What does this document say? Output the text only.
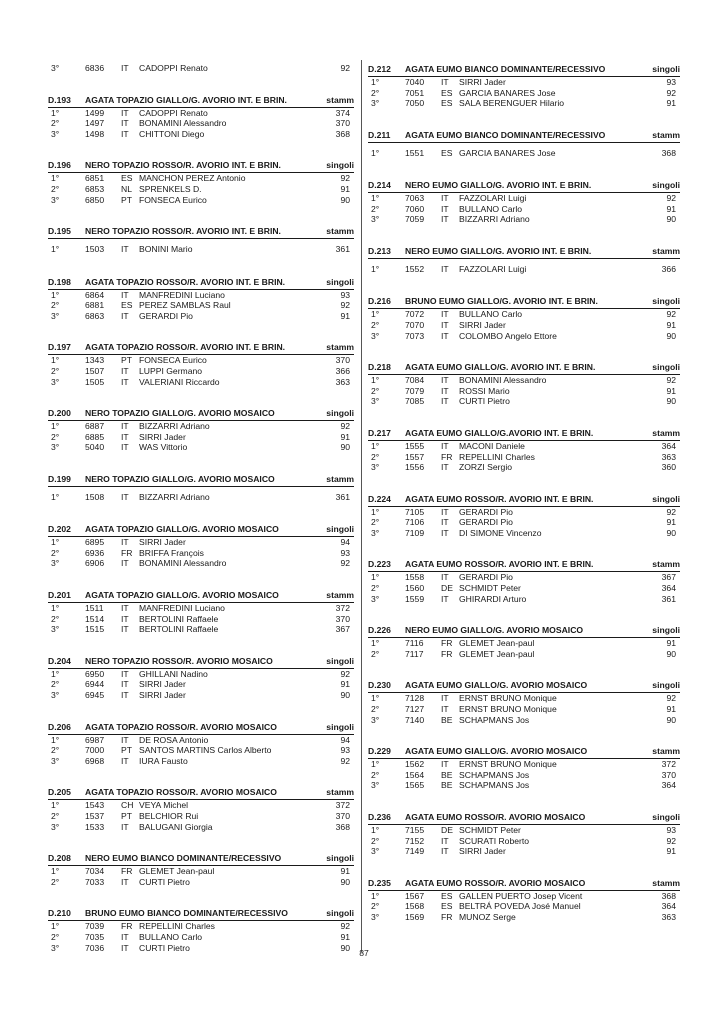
3°	6836	IT	CADOPPI Renato	92
D.193	AGATA TOPAZIO GIALLO/G. AVORIO INT. E BRIN.	stamm
1°	1499	IT	CADOPPI Renato	374
2°	1497	IT	BONAMINI Alessandro	370
3°	1498	IT	CHITTONI Diego	368
D.196	NERO TOPAZIO ROSSO/R. AVORIO INT. E BRIN.	singoli
1°	6851	ES MANCHON PEREZ Antonio	92
2°	6853	NL SPRENKELS D.	91
3°	6850	PT FONSECA Eurico	90
D.195	NERO TOPAZIO ROSSO/R. AVORIO INT. E BRIN.	stamm
1°	1503	IT	BONINI Mario	361
D.198	AGATA TOPAZIO ROSSO/R. AVORIO INT. E BRIN.	singoli
1°	6864	IT	MANFREDINI Luciano	93
2°	6881	ES PEREZ SAMBLAS Raul	92
3°	6863	IT	GERARDI Pio	91
D.197	AGATA TOPAZIO ROSSO/R. AVORIO INT. E BRIN.	stamm
1°	1343	PT FONSECA Eurico	370
2°	1507	IT	LUPPI Germano	366
3°	1505	IT	VALERIANI Riccardo	363
D.200	NERO TOPAZIO GIALLO/G. AVORIO MOSAICO	singoli
1°	6887	IT	BIZZARRI Adriano	92
2°	6885	IT	SIRRI Jader	91
3°	5040	IT	WAS Vittorio	90
D.199	NERO TOPAZIO GIALLO/G. AVORIO MOSAICO	stamm
1°	1508	IT	BIZZARRI Adriano	361
D.202	AGATA TOPAZIO GIALLO/G. AVORIO MOSAICO	singoli
1°	6895	IT	SIRRI Jader	94
2°	6936	FR BRIFFA François	93
3°	6906	IT	BONAMINI Alessandro	92
D.201	AGATA TOPAZIO GIALLO/G. AVORIO MOSAICO	stamm
1°	1511	IT	MANFREDINI Luciano	372
2°	1514	IT	BERTOLINI Raffaele	370
3°	1515	IT	BERTOLINI Raffaele	367
D.204	NERO TOPAZIO ROSSO/R. AVORIO MOSAICO	singoli
1°	6950	IT	GHILLANI Nadino	92
2°	6944	IT	SIRRI Jader	91
3°	6945	IT	SIRRI Jader	90
D.206	AGATA TOPAZIO ROSSO/R. AVORIO MOSAICO	singoli
1°	6987	IT	DE ROSA Antonio	94
2°	7000	PT SANTOS MARTINS Carlos Alberto	93
3°	6968	IT	IURA Fausto	92
D.205	AGATA TOPAZIO ROSSO/R. AVORIO MOSAICO	stamm
1°	1543	CH VEYA Michel	372
2°	1537	PT BELCHIOR Rui	370
3°	1533	IT	BALUGANI Giorgia	368
D.208	NERO EUMO BIANCO DOMINANTE/RECESSIVO	singoli
1°	7034	FR GLEMET Jean-paul	91
2°	7033	IT	CURTI Pietro	90
D.210	BRUNO EUMO BIANCO DOMINANTE/RECESSIVO	singoli
1°	7039	FR REPELLINI Charles	92
2°	7035	IT	BULLANO Carlo	91
3°	7036	IT	CURTI Pietro	90
D.212	AGATA EUMO BIANCO DOMINANTE/RECESSIVO	singoli
1°	7040	IT	SIRRI Jader	93
2°	7051	ES GARCIA BANARES Jose	92
3°	7050	ES SALA BERENGUER Hilario	91
D.211	AGATA EUMO BIANCO DOMINANTE/RECESSIVO	stamm
1°	1551	ES GARCIA BANARES Jose	368
D.214	NERO EUMO GIALLO/G. AVORIO INT. E BRIN.	singoli
1°	7063	IT	FAZZOLARI Luigi	92
2°	7060	IT	BULLANO Carlo	91
3°	7059	IT	BIZZARRI Adriano	90
D.213	NERO EUMO GIALLO/G. AVORIO INT. E BRIN.	stamm
1°	1552	IT	FAZZOLARI Luigi	366
D.216	BRUNO EUMO GIALLO/G. AVORIO INT. E BRIN.	singoli
1°	7072	IT	BULLANO Carlo	92
2°	7070	IT	SIRRI Jader	91
3°	7073	IT	COLOMBO Angelo Ettore	90
D.218	AGATA EUMO GIALLO/G. AVORIO INT. E BRIN.	singoli
1°	7084	IT	BONAMINI Alessandro	92
2°	7079	IT	ROSSI Mario	91
3°	7085	IT	CURTI Pietro	90
D.217	AGATA EUMO GIALLO/G.AVORIO INT. E BRIN.	stamm
1°	1555	IT	MACONI Daniele	364
2°	1557	FR REPELLINI Charles	363
3°	1556	IT	ZORZI Sergio	360
D.224	AGATA EUMO ROSSO/R. AVORIO INT. E BRIN.	singoli
1°	7105	IT	GERARDI Pio	92
2°	7106	IT	GERARDI Pio	91
3°	7109	IT	DI SIMONE Vincenzo	90
D.223	AGATA EUMO ROSSO/R. AVORIO INT. E BRIN.	stamm
1°	1558	IT	GERARDI Pio	367
2°	1560	DE SCHMIDT Peter	364
3°	1559	IT	GHIRARDI Arturo	361
D.226	NERO EUMO GIALLO/G. AVORIO MOSAICO	singoli
1°	7116	FR GLEMET Jean-paul	91
2°	7117	FR GLEMET Jean-paul	90
D.230	AGATA EUMO GIALLO/G. AVORIO MOSAICO	singoli
1°	7128	IT	ERNST BRUNO Monique	92
2°	7127	IT	ERNST BRUNO Monique	91
3°	7140	BE SCHAPMANS Jos	90
D.229	AGATA EUMO GIALLO/G. AVORIO MOSAICO	stamm
1°	1562	IT	ERNST BRUNO Monique	372
2°	1564	BE SCHAPMANS Jos	370
3°	1565	BE SCHAPMANS Jos	364
D.236	AGATA EUMO ROSSO/R. AVORIO MOSAICO	singoli
1°	7155	DE SCHMIDT Peter	93
2°	7152	IT	SCURATI Roberto	92
3°	7149	IT	SIRRI Jader	91
D.235	AGATA EUMO ROSSO/R. AVORIO MOSAICO	stamm
1°	1567	ES GALLEN PUERTO Josep Vicent	368
2°	1568	ES BELTRÁ POVEDA José Manuel	364
3°	1569	FR MUNOZ Serge	363
87
